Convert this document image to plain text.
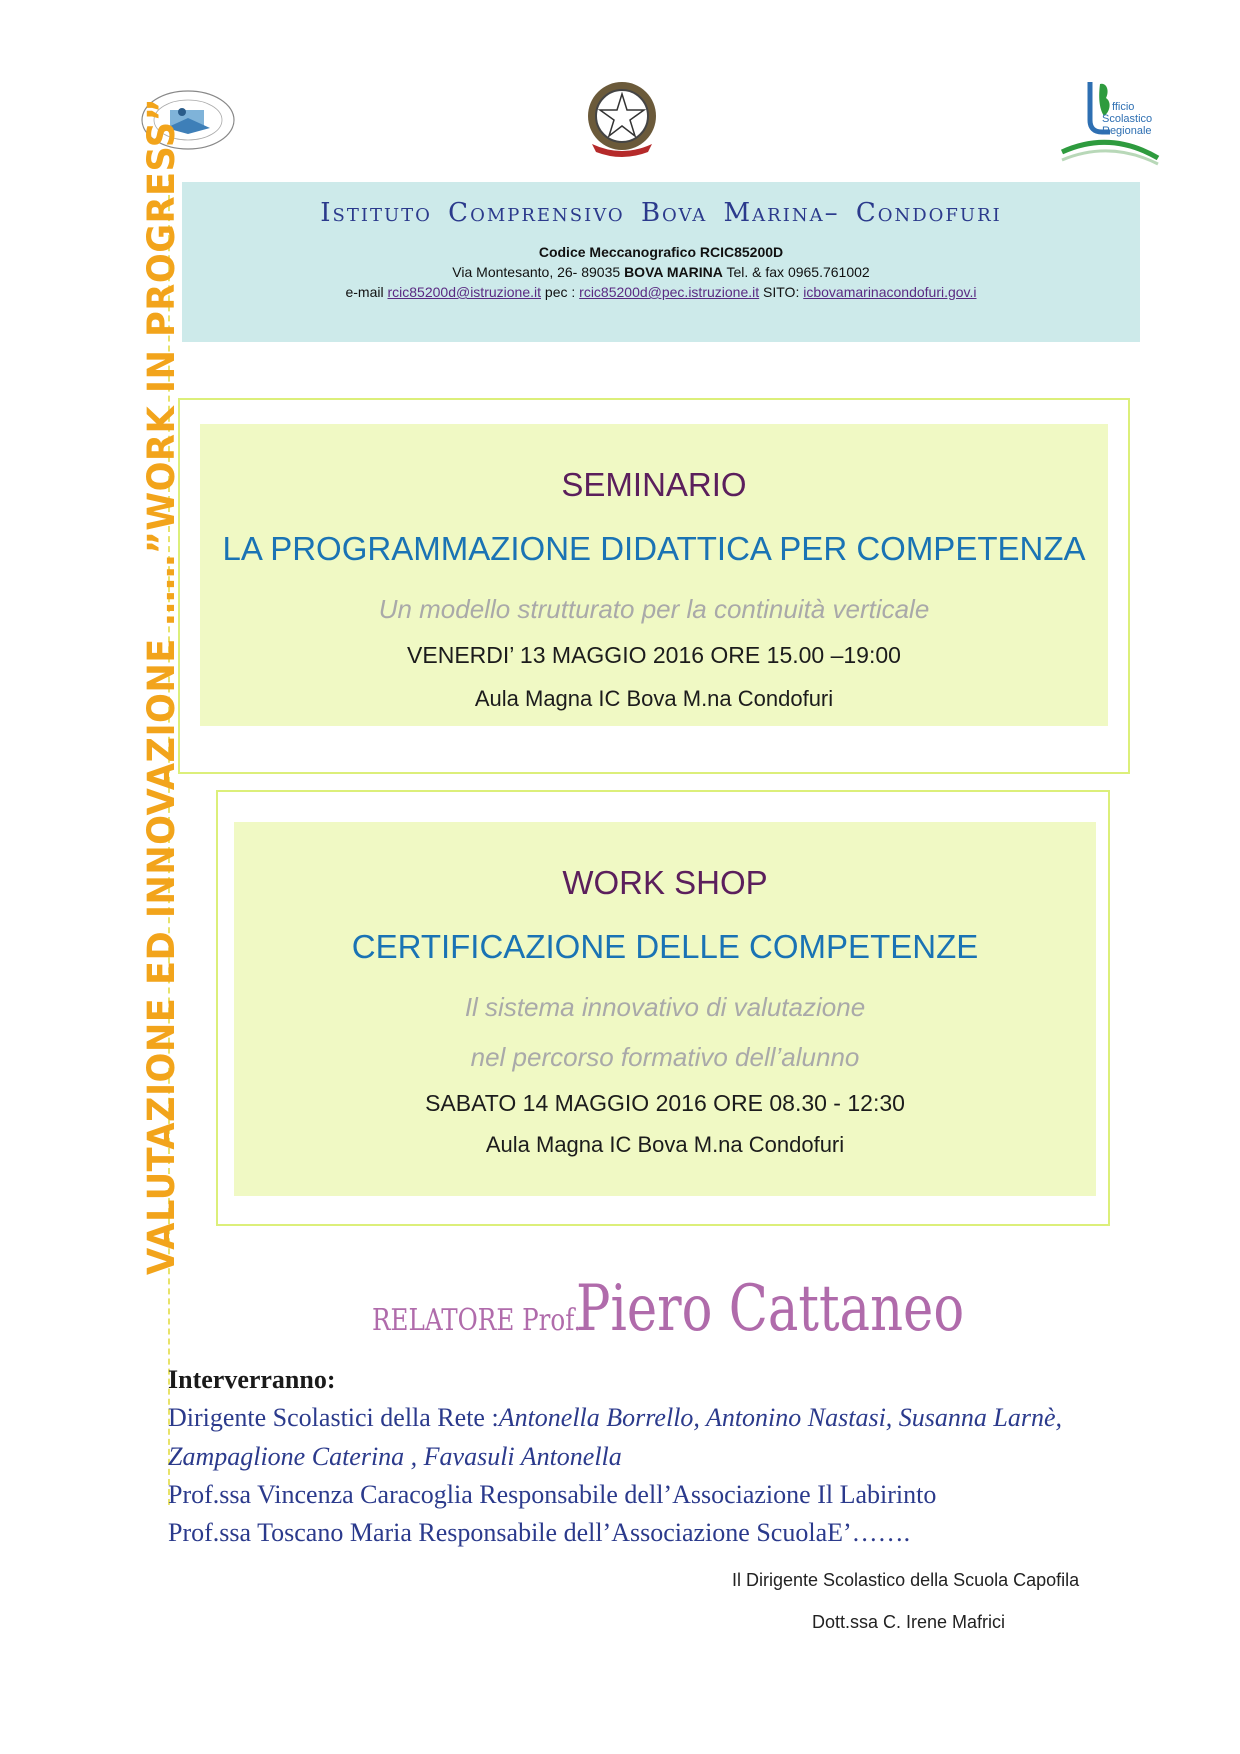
fficio
Scolastico
Regionale
Istituto Comprensivo Bova Marina– Condofuri
Codice Meccanografico RCIC85200D
Via Montesanto, 26- 89035 BOVA MARINA Tel. & fax 0965.761002
e-mail rcic85200d@istruzione.it pec : rcic85200d@pec.istruzione.it SITO: icbovamarinacondofuri.gov.i
VALUTAZIONE ED INNOVAZIONE ……”WORK IN PROGRESS”	SEMINARIO
LA PROGRAMMAZIONE DIDATTICA PER COMPETENZA
Un modello strutturato per la continuità verticale
VENERDI’ 13 MAGGIO 2016 ORE 15.00 –19:00
Aula Magna IC Bova M.na Condofuri
WORK SHOP
CERTIFICAZIONE DELLE COMPETENZE
Il sistema innovativo di valutazione
nel percorso formativo dell’alunno
SABATO 14 MAGGIO 2016 ORE 08.30 - 12:30
Aula Magna IC Bova M.na Condofuri
RELATORE Prof. Piero Cattaneo
Interverranno:
Dirigente Scolastici della Rete :Antonella Borrello, Antonino Nastasi, Susanna Larnè,
Zampaglione Caterina , Favasuli Antonella
Prof.ssa Vincenza Caracoglia Responsabile dell’Associazione Il Labirinto
Prof.ssa Toscano Maria Responsabile dell’Associazione ScuolaE’…….
Il Dirigente Scolastico della Scuola Capofila
Dott.ssa C. Irene Mafrici
